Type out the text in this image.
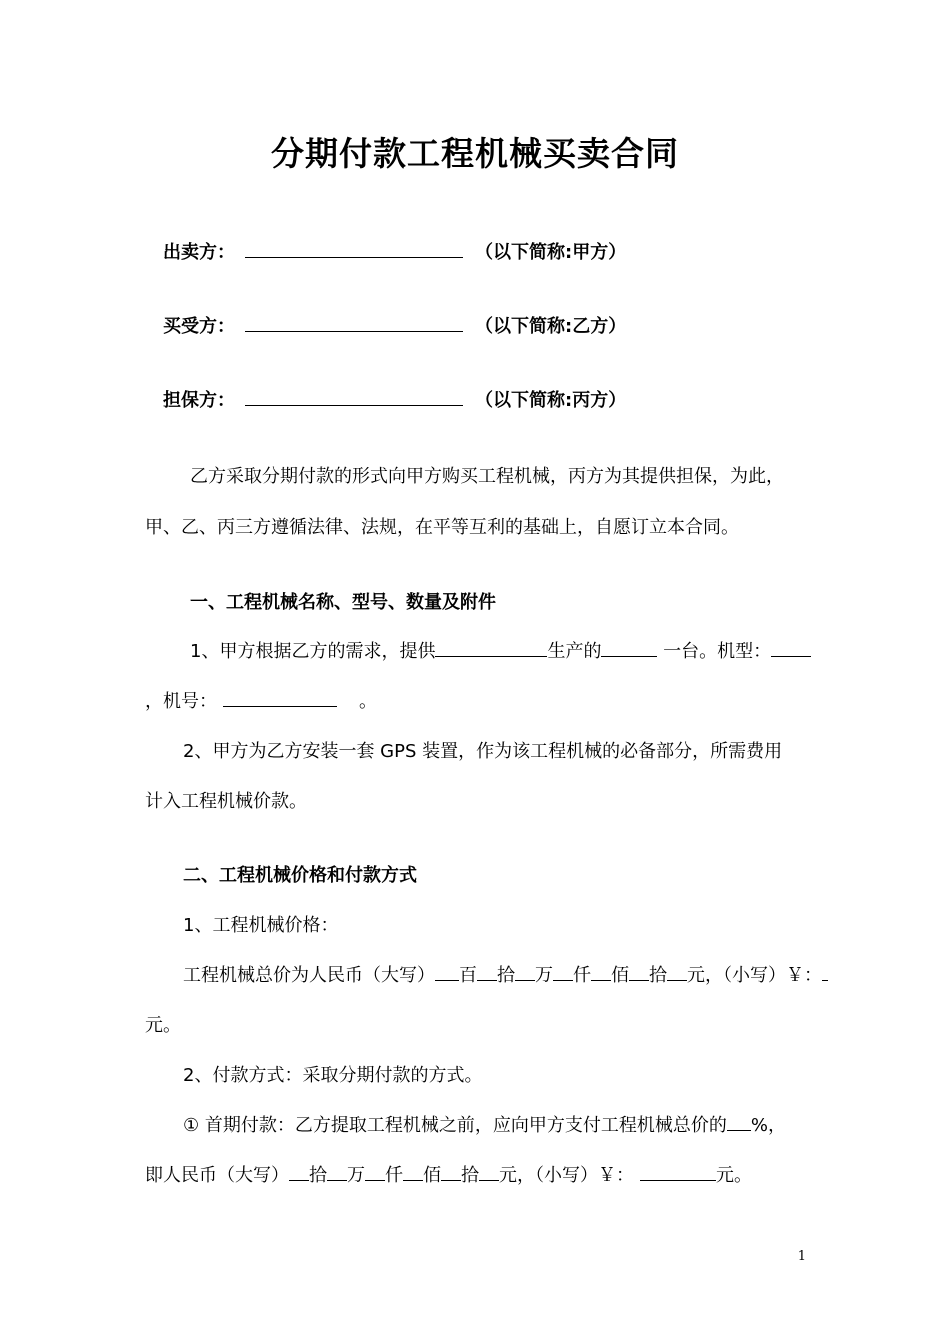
分期付款工程机械买卖合同
出卖方：	（以下简称:甲方）
买受方：	（以下简称:乙方）
担保方：	（以下简称:丙方）
乙方采取分期付款的形式向甲方购买工程机械，丙方为其提供担保，为此，
甲、乙、丙三方遵循法律、法规，在平等互利的基础上，自愿订立本合同。
一、工程机械名称、型号、数量及附件
1、甲方根据乙方的需求，提供	生产的	一台。机型：
，机号：	。
2、甲方为乙方安装一套 GPS 装置，作为该工程机械的必备部分，所需费用
计入工程机械价款。
二、工程机械价格和付款方式
1、工程机械价格：
工程机械总价为人民币（大写） 百 拾 万 仟 佰 拾 元，（小写）￥：
元。
2、付款方式：采取分期付款的方式。
① 首期付款：乙方提取工程机械之前，应向甲方支付工程机械总价的 %，
即人民币（大写） 拾 万 仟 佰 拾 元，（小写）￥：	元。
1
